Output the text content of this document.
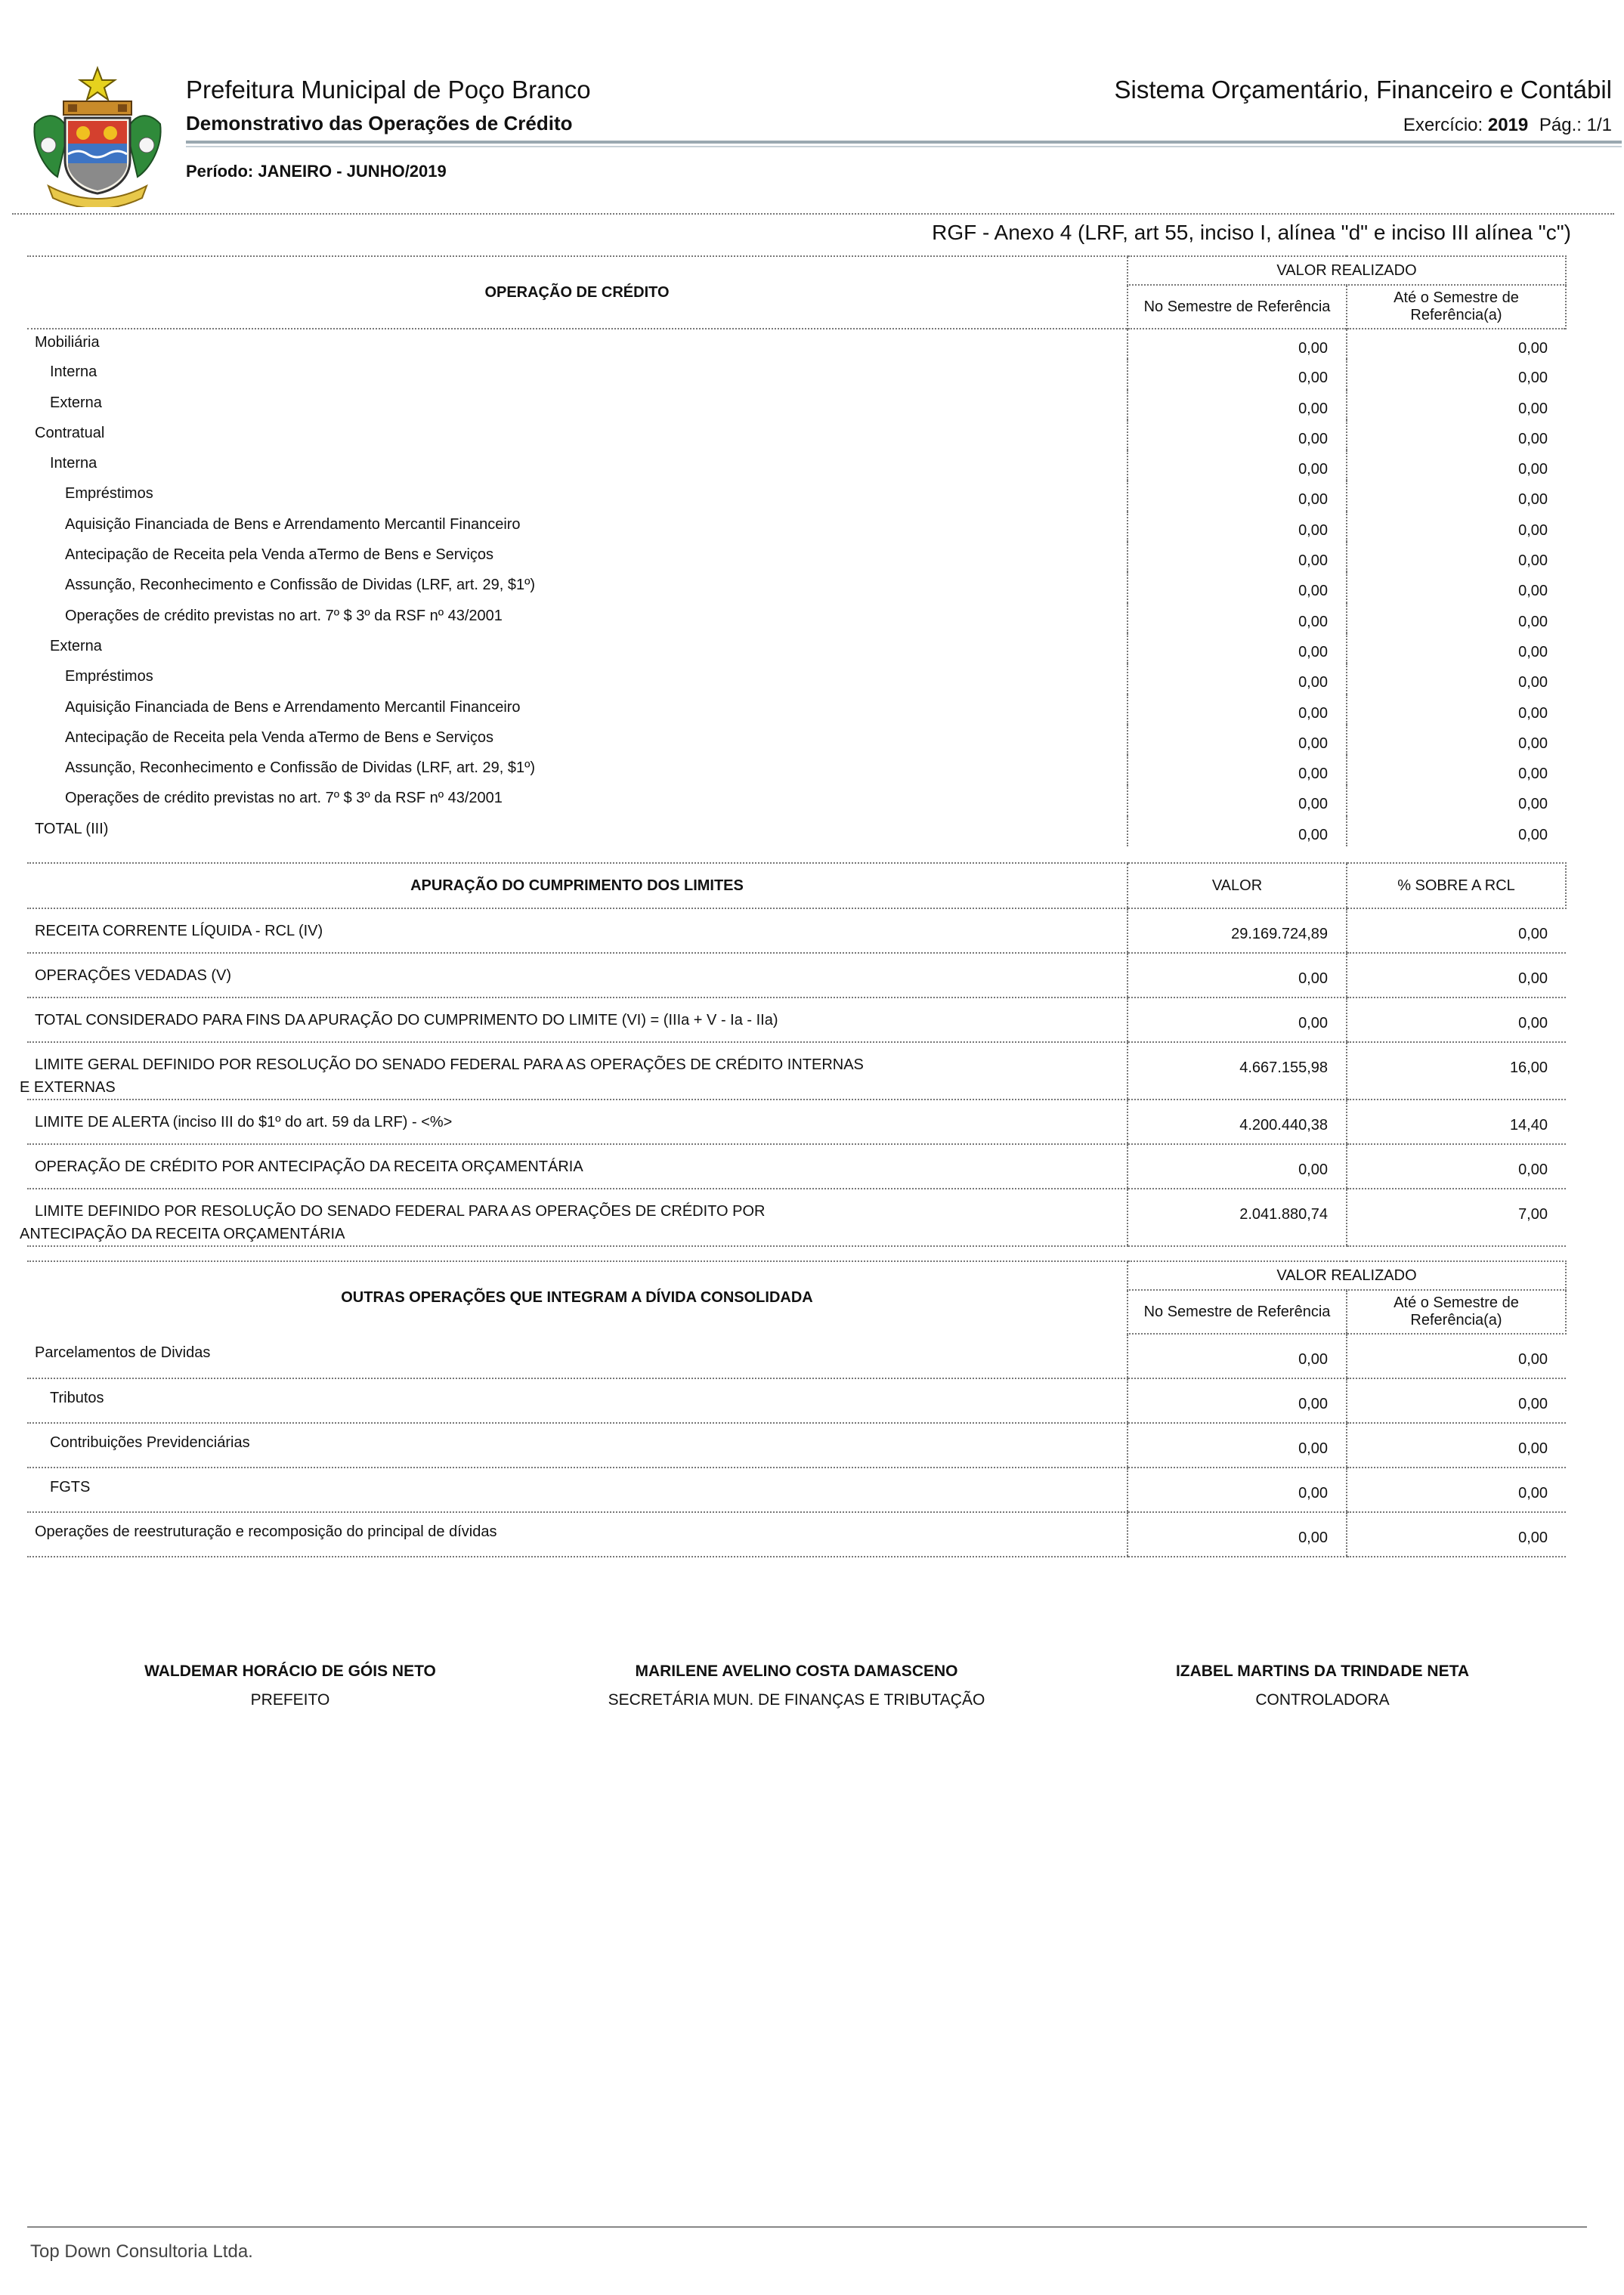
Prefeitura Municipal de Poço Branco
Demonstrativo das Operações de Crédito
Sistema Orçamentário, Financeiro e Contábil
Exercício: 2019 Pág.: 1/1
Período: JANEIRO - JUNHO/2019
RGF - Anexo 4 (LRF, art 55, inciso I, alínea "d" e inciso III alínea "c")
OPERAÇÃO DE CRÉDITO	VALOR REALIZADO	
	No Semestre de Referência	Até o Semestre de Referência(a)
Mobiliária	0,00	0,00
Interna	0,00	0,00
Externa	0,00	0,00
Contratual	0,00	0,00
Interna	0,00	0,00
Empréstimos	0,00	0,00
Aquisição Financiada de Bens e Arrendamento Mercantil Financeiro	0,00	0,00
Antecipação de Receita pela Venda aTermo de Bens e Serviços	0,00	0,00
Assunção, Reconhecimento e Confissão de Dividas (LRF, art. 29, $1º)	0,00	0,00
Operações de crédito previstas no art. 7º $ 3º da RSF nº 43/2001	0,00	0,00
Externa	0,00	0,00
Empréstimos	0,00	0,00
Aquisição Financiada de Bens e Arrendamento Mercantil Financeiro	0,00	0,00
Antecipação de Receita pela Venda aTermo de Bens e Serviços	0,00	0,00
Assunção, Reconhecimento e Confissão de Dividas (LRF, art. 29, $1º)	0,00	0,00
Operações de crédito previstas no art. 7º $ 3º da RSF nº 43/2001	0,00	0,00
TOTAL (III)	0,00	0,00
APURAÇÃO DO CUMPRIMENTO DOS LIMITES	VALOR	% SOBRE A RCL

RECEITA CORRENTE LÍQUIDA - RCL (IV)	29.169.724,89	0,00

OPERAÇÕES VEDADAS (V)	0,00	0,00

TOTAL CONSIDERADO PARA FINS DA APURAÇÃO DO CUMPRIMENTO DO LIMITE (VI) = (IIIa + V - Ia - IIa)	0,00	0,00

LIMITE GERAL DEFINIDO POR RESOLUÇÃO DO SENADO FEDERAL PARA AS OPERAÇÕES DE CRÉDITO INTERNAS
E EXTERNAS	4.667.155,98	16,00

LIMITE DE ALERTA (inciso III do $1º do art. 59 da LRF) - <%>	4.200.440,38	14,40

OPERAÇÃO DE CRÉDITO POR ANTECIPAÇÃO DA RECEITA ORÇAMENTÁRIA	0,00	0,00

LIMITE DEFINIDO POR RESOLUÇÃO DO SENADO FEDERAL PARA AS OPERAÇÕES DE CRÉDITO POR
ANTECIPAÇÃO DA RECEITA ORÇAMENTÁRIA	2.041.880,74	7,00
OUTRAS OPERAÇÕES QUE INTEGRAM A DÍVIDA CONSOLIDADA	VALOR REALIZADO	
	No Semestre de Referência	Até o Semestre de Referência(a)
Parcelamentos de Dividas	0,00	0,00
Tributos	0,00	0,00
Contribuições Previdenciárias	0,00	0,00
FGTS	0,00	0,00
Operações de reestruturação e recomposição do principal de dívidas	0,00	0,00
WALDEMAR HORÁCIO DE GÓIS NETO
PREFEITO
MARILENE AVELINO COSTA DAMASCENO
SECRETÁRIA MUN. DE FINANÇAS E TRIBUTAÇÃO
IZABEL MARTINS DA TRINDADE NETA
CONTROLADORA
Top Down Consultoria Ltda.
